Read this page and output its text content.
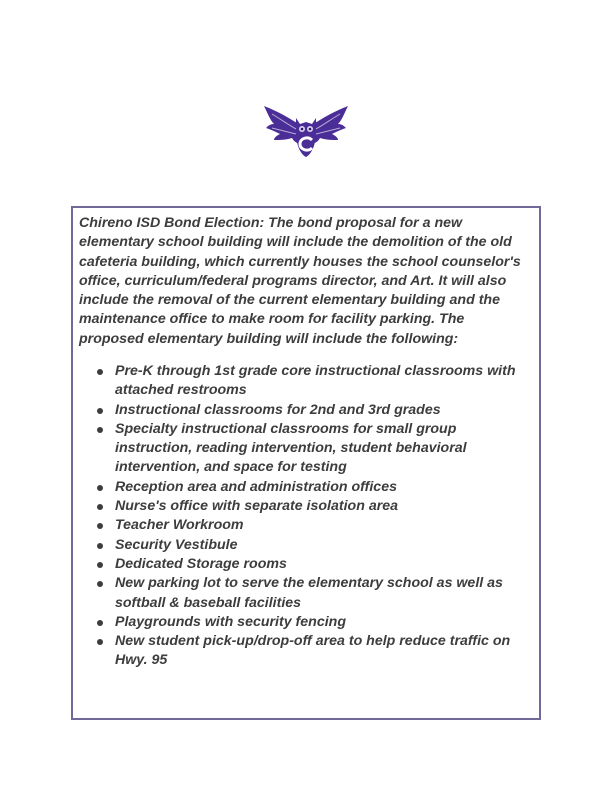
Chireno ISD Bond Election: The bond proposal for a new elementary school building will include the demolition of the old cafeteria building, which currently houses the school counselor's office, curriculum/federal programs director, and Art. It will also include the removal of the current elementary building and the maintenance office to make room for facility parking. The proposed elementary building will include the following:

Pre-K through 1st grade core instructional classrooms with attached restrooms
Instructional classrooms for 2nd and 3rd grades
Specialty instructional classrooms for small group instruction, reading intervention, student behavioral intervention, and space for testing
Reception area and administration offices
Nurse's office with separate isolation area
Teacher Workroom
Security Vestibule
Dedicated Storage rooms
New parking lot to serve the elementary school as well as softball & baseball facilities
Playgrounds with security fencing
New student pick-up/drop-off area to help reduce traffic on Hwy. 95
